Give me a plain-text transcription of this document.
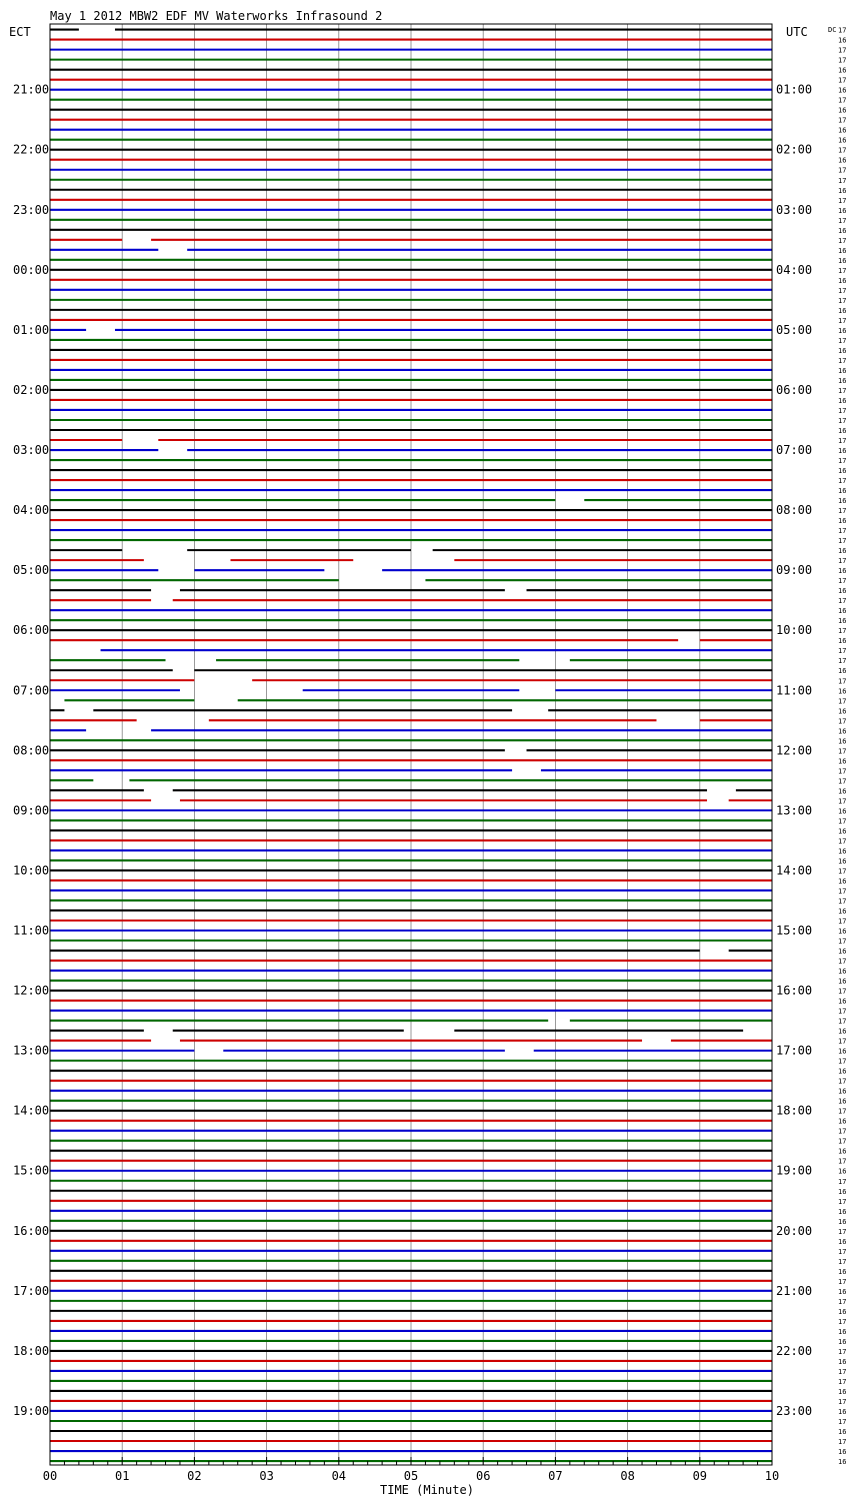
00	01	02	03	04	05	06	07	08	09	10
21:00
22:00
23:00
00:00
01:00
02:00
03:00
04:00
05:00
06:00
07:00
08:00
09:00
10:00
11:00
12:00
13:00
14:00
15:00
16:00
17:00
18:00
19:00
01:00
02:00
03:00
04:00
05:00
06:00
07:00
08:00
09:00
10:00
11:00
12:00
13:00
14:00
15:00
16:00
17:00
18:00
19:00
20:00
21:00
22:00
23:00
17
16
17
17
16
17
16
17
16
17
16
16
17
16
17
17
16
17
16
17
16
17
16
16
17
16
17
17
16
17
16
17
16
17
16
16
17
16
17
17
16
17
16
17
16
17
16
16
17
16
17
17
16
17
16
17
16
17
16
16
17
16
17
17
16
17
16
17
16
17
16
16
17
16
17
17
16
17
16
17
16
17
16
16
17
16
17
17
16
17
16
17
16
17
16
16
17
16
17
17
16
17
16
17
16
17
16
16
17
16
17
17
16
17
16
17
16
17
16
16
17
16
17
17
16
17
16
17
16
17
16
16
17
16
17
17
16
17
16
17
16
17
16
16
May 1 2012 MBW2 EDF MV Waterworks Infrasound 2
ECT	UTC	DC
TIME (Minute)
